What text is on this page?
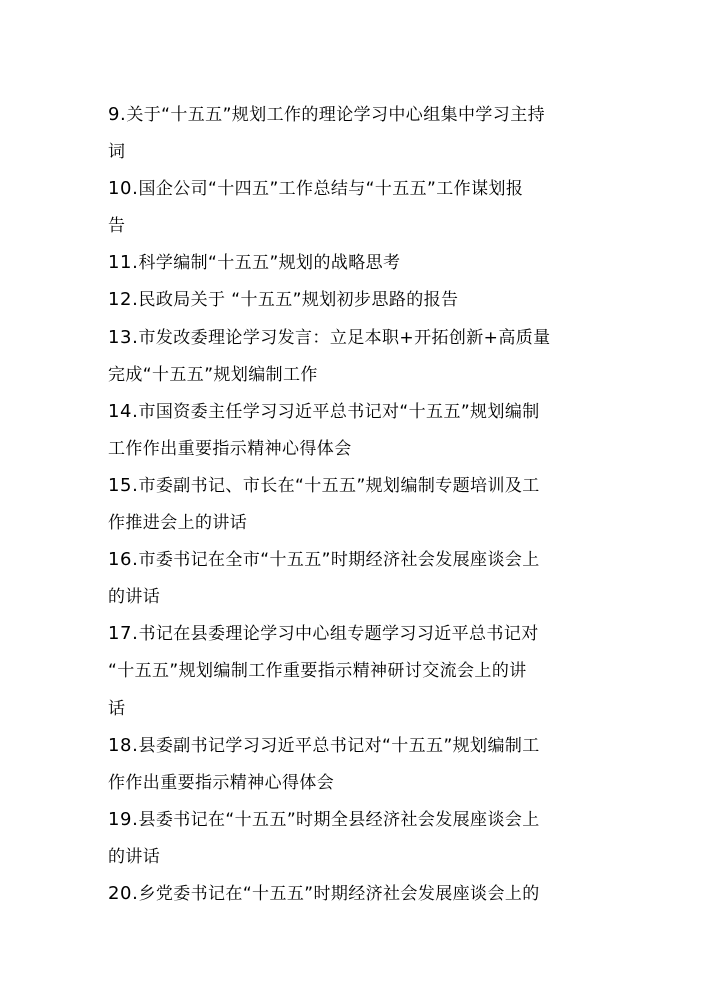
9.关于“十五五”规划工作的理论学习中心组集中学习主持
词
10.国企公司“十四五”工作总结与“十五五”工作谋划报
告
11.科学编制“十五五”规划的战略思考
12.民政局关于 “十五五”规划初步思路的报告
13.市发改委理论学习发言：立足本职+开拓创新+高质量
完成“十五五”规划编制工作
14.市国资委主任学习习近平总书记对“十五五”规划编制
工作作出重要指示精神心得体会
15.市委副书记、市长在“十五五”规划编制专题培训及工
作推进会上的讲话
16.市委书记在全市“十五五”时期经济社会发展座谈会上
的讲话
17.书记在县委理论学习中心组专题学习习近平总书记对
“十五五”规划编制工作重要指示精神研讨交流会上的讲
话
18.县委副书记学习习近平总书记对“十五五”规划编制工
作作出重要指示精神心得体会
19.县委书记在“十五五”时期全县经济社会发展座谈会上
的讲话
20.乡党委书记在“十五五”时期经济社会发展座谈会上的
